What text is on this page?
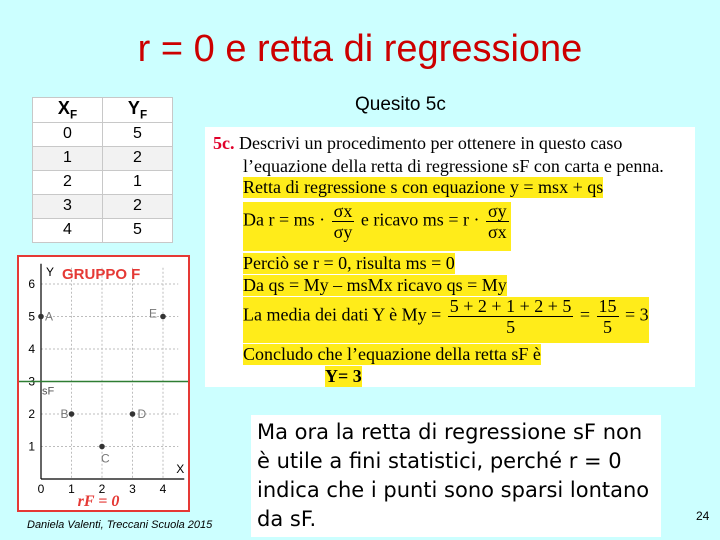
r = 0 e retta di regressione
Quesito 5c
$X_F$	$Y_F$
0	5
1	2
2	1
3	2
4	5
0 1 2 3 4
1
2
3
4
5
6
X
Y GRUPPO F
sF
A
B
C
D
E
rF = 0
5c. Descrivi un procedimento per ottenere in questo caso
l’equazione della retta di regressione sF con carta e penna.
Retta di regressione s con equazione y = msx + qs
Da r = ms · $\frac{\sigma x}{\sigma y}$ e ricavo ms = $r \cdot \frac{\sigma y}{\sigma x}$
Perciò se r = 0, risulta ms = 0
Da qs = My – msMx ricavo qs = My
La media dei dati Y è $My = \frac{5 + 2 + 1 + 2 + 5}{5} = \frac{15}{5} = 3$
Concludo che l’equazione della retta sF è
Y= 3
Ma ora la retta di regressione sF non è utile a fini statistici, perché r = 0 indica che i punti sono sparsi lontano da sF.
Daniela Valenti, Treccani Scuola 2015
24
